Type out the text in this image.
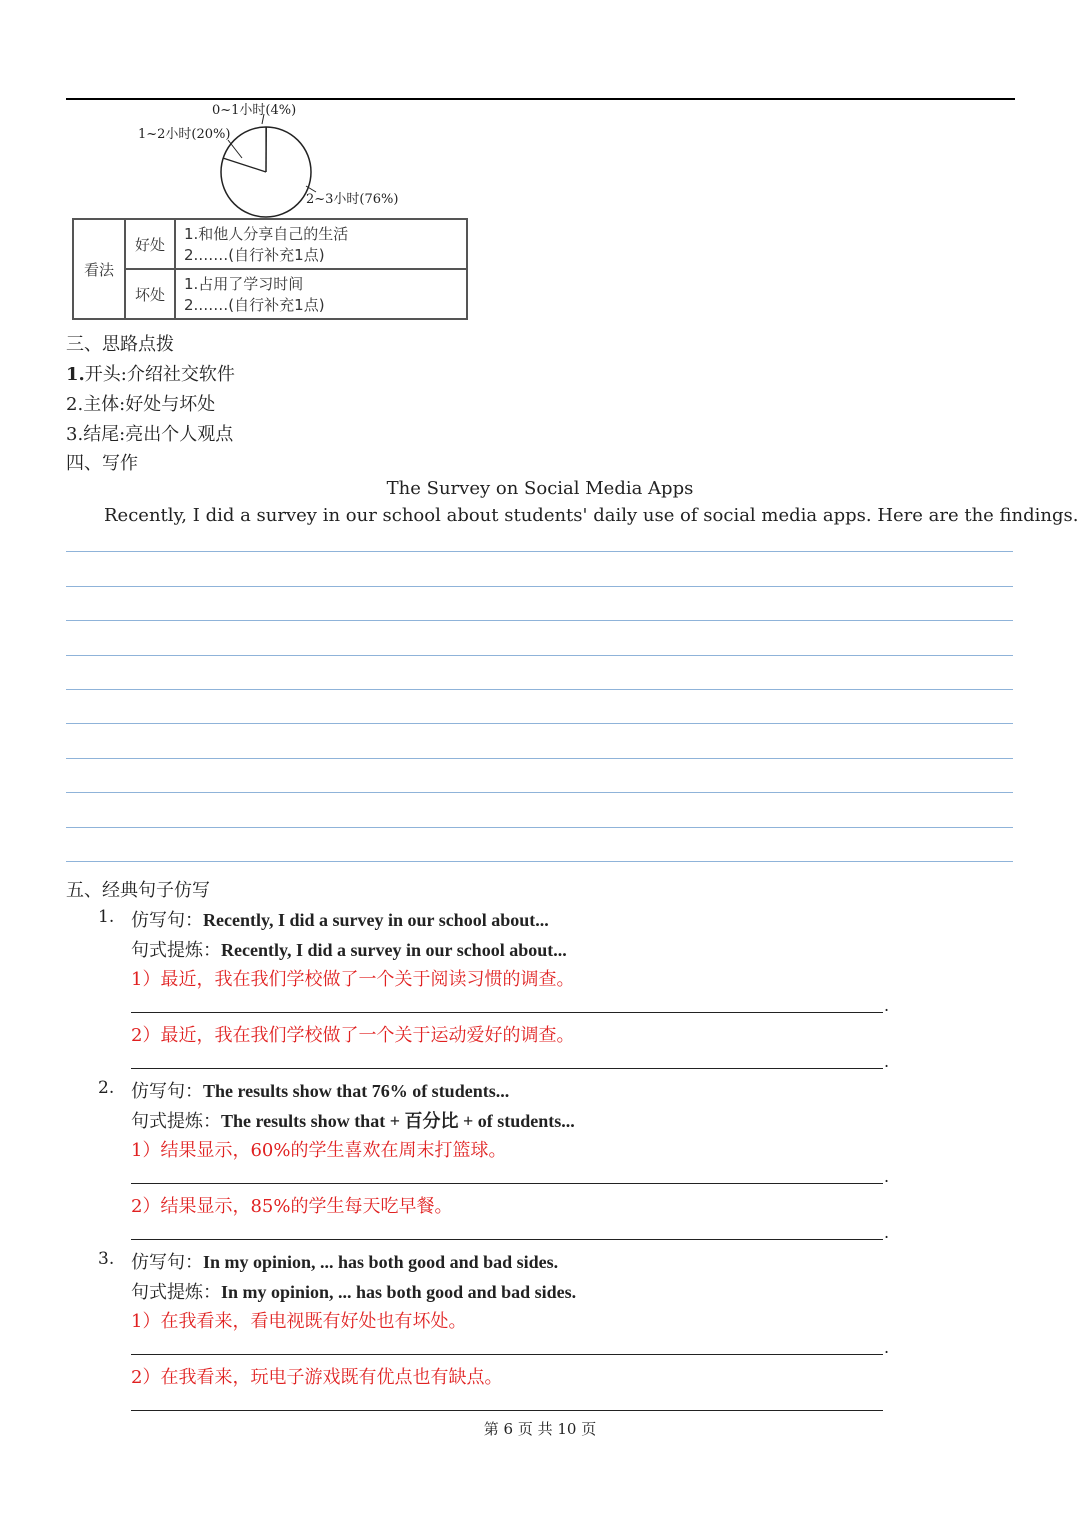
0~1小时(4%)
1~2小时(20%)
2~3小时(76%)
看法	好处	1.和他人分享自己的生活
2.……(自行补充1点)

	坏处	1.占用了学习时间
2.……(自行补充1点)
三、思路点拨
1.开头:介绍社交软件
2.主体:好处与坏处
3.结尾:亮出个人观点
四、写作
The Survey on Social Media Apps
Recently, I did a survey in our school about students' daily use of social media apps. Here are the findings.
五、经典句子仿写
1. 仿写句：Recently, I did a survey in our school about...
句式提炼：Recently, I did a survey in our school about...
1）最近，我在我们学校做了一个关于阅读习惯的调查。
.
2）最近，我在我们学校做了一个关于运动爱好的调查。
.
2. 仿写句：The results show that 76% of students...
句式提炼：The results show that + 百分比 + of students...
1）结果显示，60%的学生喜欢在周末打篮球。
.
2）结果显示，85%的学生每天吃早餐。
.
3. 仿写句：In my opinion, ... has both good and bad sides.
句式提炼：In my opinion, ... has both good and bad sides.
1）在我看来，看电视既有好处也有坏处。
.
2）在我看来，玩电子游戏既有优点也有缺点。
第 6 页 共 10 页
